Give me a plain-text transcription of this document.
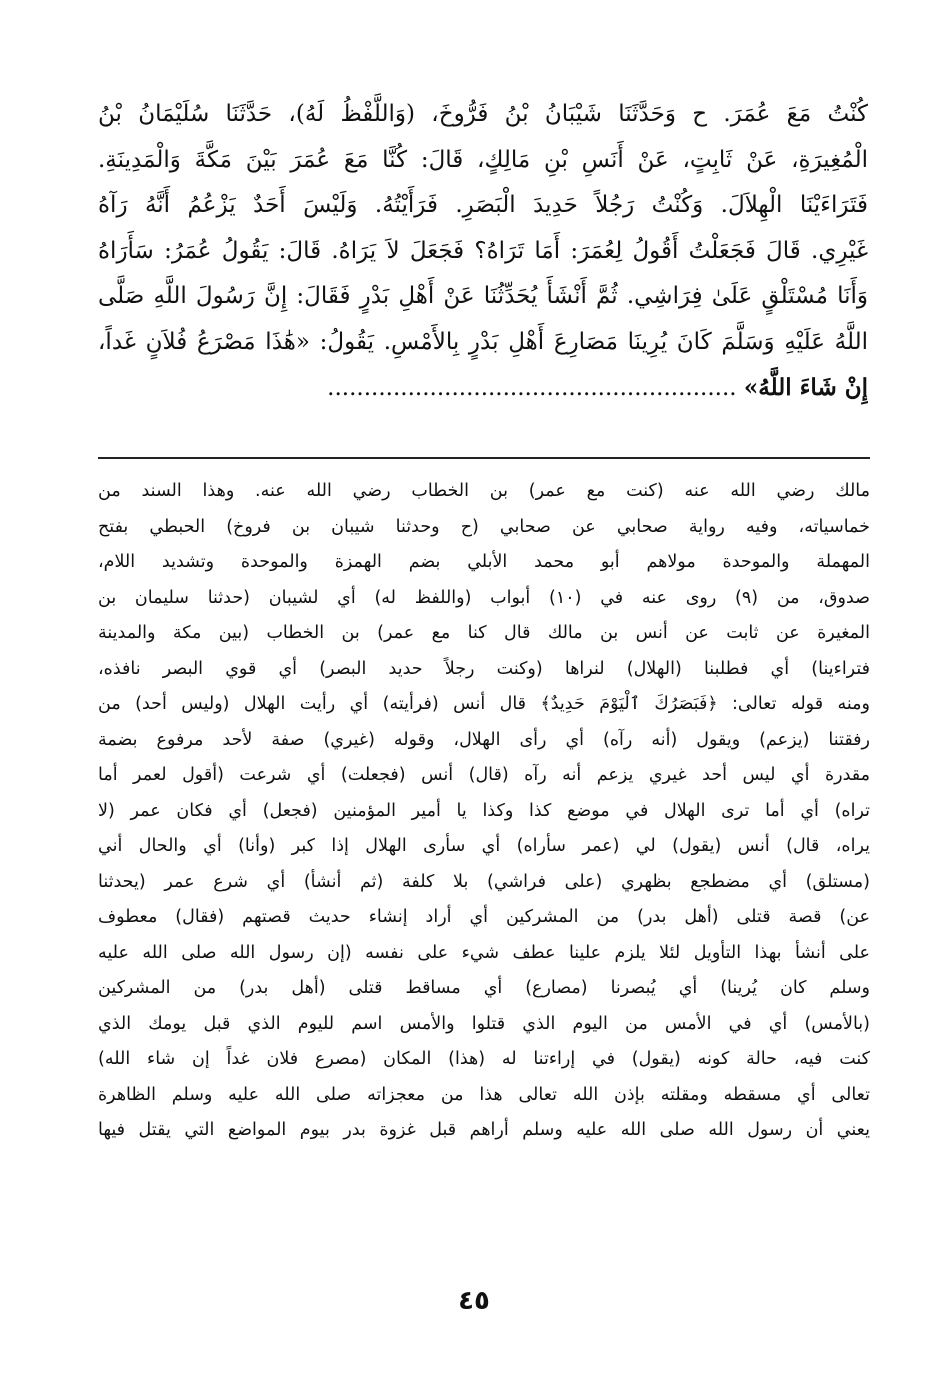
كُنْتُ مَعَ عُمَرَ. ح وَحَدَّثَنَا شَيْبَانُ بْنُ فَرُّوخَ، (وَاللَّفْظُ لَهُ)، حَدَّثَنَا سُلَيْمَانُ بْنُ
الْمُغِيرَةِ، عَنْ ثَابِتٍ، عَنْ أَنَسِ بْنِ مَالِكٍ، قَالَ: كُنَّا مَعَ عُمَرَ بَيْنَ مَكَّةَ وَالْمَدِينَةِ.
فَتَرَاءَيْنَا الْهِلاَلَ. وَكُنْتُ رَجُلاً حَدِيدَ الْبَصَرِ. فَرَأَيْتُهُ. وَلَيْسَ أَحَدٌ يَزْعُمُ أَنَّهُ رَآهُ
غَيْرِي. قَالَ فَجَعَلْتُ أَقُولُ لِعُمَرَ: أَمَا تَرَاهُ؟ فَجَعَلَ لاَ يَرَاهُ. قَالَ: يَقُولُ عُمَرُ: سَأَرَاهُ
وَأَنَا مُسْتَلْقٍ عَلَىٰ فِرَاشِي. ثُمَّ أَنْشَأَ يُحَدِّثُنَا عَنْ أَهْلِ بَدْرٍ فَقَالَ: إِنَّ رَسُولَ اللَّهِ صَلَّى
اللَّهُ عَلَيْهِ وَسَلَّمَ كَانَ يُرِينَا مَصَارِعَ أَهْلِ بَدْرٍ بِالأَمْسِ. يَقُولُ: «هَٰذَا مَصْرَعُ فُلاَنٍ غَداً،
إِنْ شَاءَ اللَّهُ» ........................................................
مالك رضي الله عنه (كنت مع عمر) بن الخطاب رضي الله عنه. وهذا السند من
خماسياته، وفيه رواية صحابي عن صحابي (ح وحدثنا شيبان بن فروخ) الحبطي بفتح
المهملة والموحدة مولاهم أبو محمد الأبلي بضم الهمزة والموحدة وتشديد اللام،
صدوق، من (٩) روى عنه في (١٠) أبواب (واللفظ له) أي لشيبان (حدثنا سليمان بن
المغيرة عن ثابت عن أنس بن مالك قال كنا مع عمر) بن الخطاب (بين مكة والمدينة
فتراءينا) أي فطلبنا (الهلال) لنراها (وكنت رجلاً حديد البصر) أي قوي البصر نافذه،
ومنه قوله تعالى: ﴿فَبَصَرُكَ ٱلْيَوْمَ حَدِيدٌ﴾ قال أنس (فرأيته) أي رأيت الهلال (وليس أحد) من
رفقتنا (يزعم) ويقول (أنه رآه) أي رأى الهلال، وقوله (غيري) صفة لأحد مرفوع بضمة
مقدرة أي ليس أحد غيري يزعم أنه رآه (قال) أنس (فجعلت) أي شرعت (أقول لعمر أما
تراه) أي أما ترى الهلال في موضع كذا وكذا يا أمير المؤمنين (فجعل) أي فكان عمر (لا
يراه، قال) أنس (يقول) لي (عمر سأراه) أي سأرى الهلال إذا كبر (وأنا) أي والحال أني
(مستلق) أي مضطجع بظهري (على فراشي) بلا كلفة (ثم أنشأ) أي شرع عمر (يحدثنا
عن) قصة قتلى (أهل بدر) من المشركين أي أراد إنشاء حديث قصتهم (فقال) معطوف
على أنشأ بهذا التأويل لئلا يلزم علينا عطف شيء على نفسه (إن رسول الله صلى الله عليه
وسلم كان يُرينا) أي يُبصرنا (مصارع) أي مساقط قتلى (أهل بدر) من المشركين
(بالأمس) أي في الأمس من اليوم الذي قتلوا والأمس اسم لليوم الذي قبل يومك الذي
كنت فيه، حالة كونه (يقول) في إراءتنا له (هذا) المكان (مصرع فلان غداً إن شاء الله)
تعالى أي مسقطه ومقلته بإذن الله تعالى هذا من معجزاته صلى الله عليه وسلم الظاهرة
يعني أن رسول الله صلى الله عليه وسلم أراهم قبل غزوة بدر بيوم المواضع التي يقتل فيها
٤٥
